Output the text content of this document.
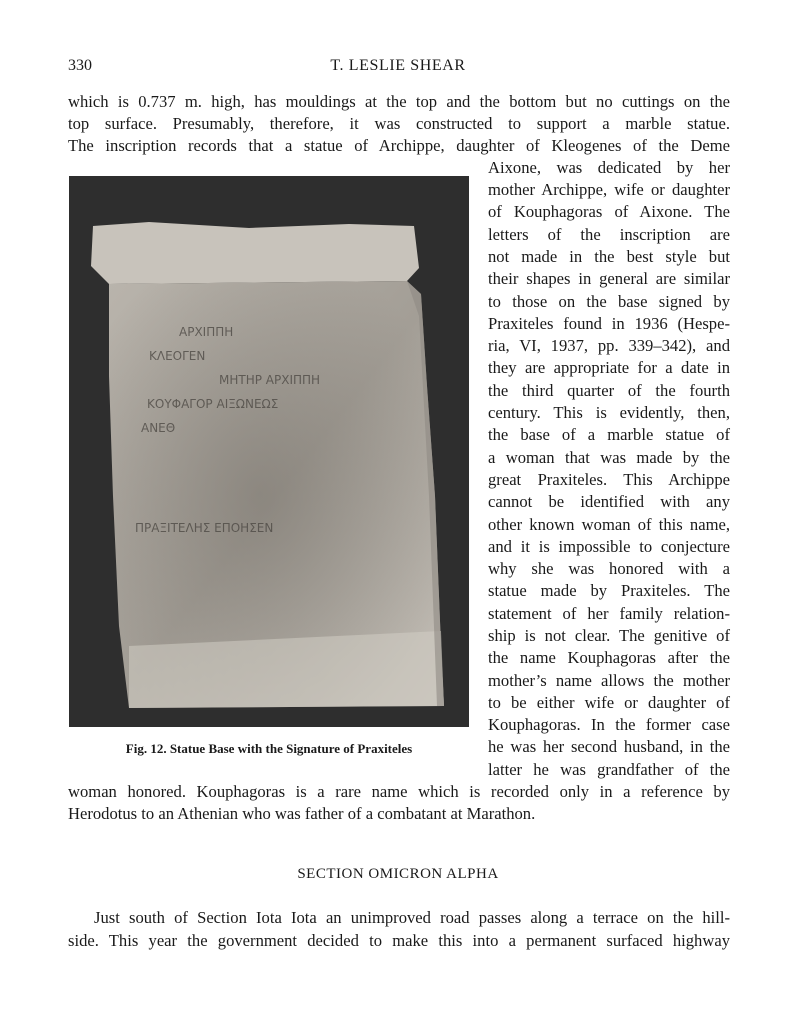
330	T. LESLIE SHEAR
which is 0.737 m. high, has mouldings at the top and the bottom but no cuttings on the
top surface. Presumably, therefore, it was constructed to support a marble statue.
The inscription records that a statue of Archippe, daughter of Kleogenes of the Deme
ΑΡΧΙΠΠΗ
ΚΛΕΟΓΕΝ
ΜΗΤΗΡ ΑΡΧΙΠΠΗ
ΚΟΥΦΑΓΟΡ ΑΙΞΩΝΕΩΣ
ΑΝΕΘ
ΠΡΑΞΙΤΕΛΗΣ ΕΠΟΗΣΕΝ
Fig. 12. Statue Base with the Signature of Praxiteles
Aixone, was dedicated by her
mother Archippe, wife or daughter
of Kouphagoras of Aixone. The
letters of the inscription are
not made in the best style but
their shapes in general are similar
to those on the base signed by
Praxiteles found in 1936 (Hespe-
ria, VI, 1937, pp. 339–342), and
they are appropriate for a date in
the third quarter of the fourth
century. This is evidently, then,
the base of a marble statue of
a woman that was made by the
great Praxiteles. This Archippe
cannot be identified with any
other known woman of this name,
and it is impossible to conjecture
why she was honored with a
statue made by Praxiteles. The
statement of her family relation-
ship is not clear. The genitive of
the name Kouphagoras after the
mother’s name allows the mother
to be either wife or daughter of
Kouphagoras. In the former case
he was her second husband, in the
latter he was grandfather of the
woman honored. Kouphagoras is a rare name which is recorded only in a reference by
Herodotus to an Athenian who was father of a combatant at Marathon.
SECTION OMICRON ALPHA
Just south of Section Iota Iota an unimproved road passes along a terrace on the hill-
side. This year the government decided to make this into a permanent surfaced highway
